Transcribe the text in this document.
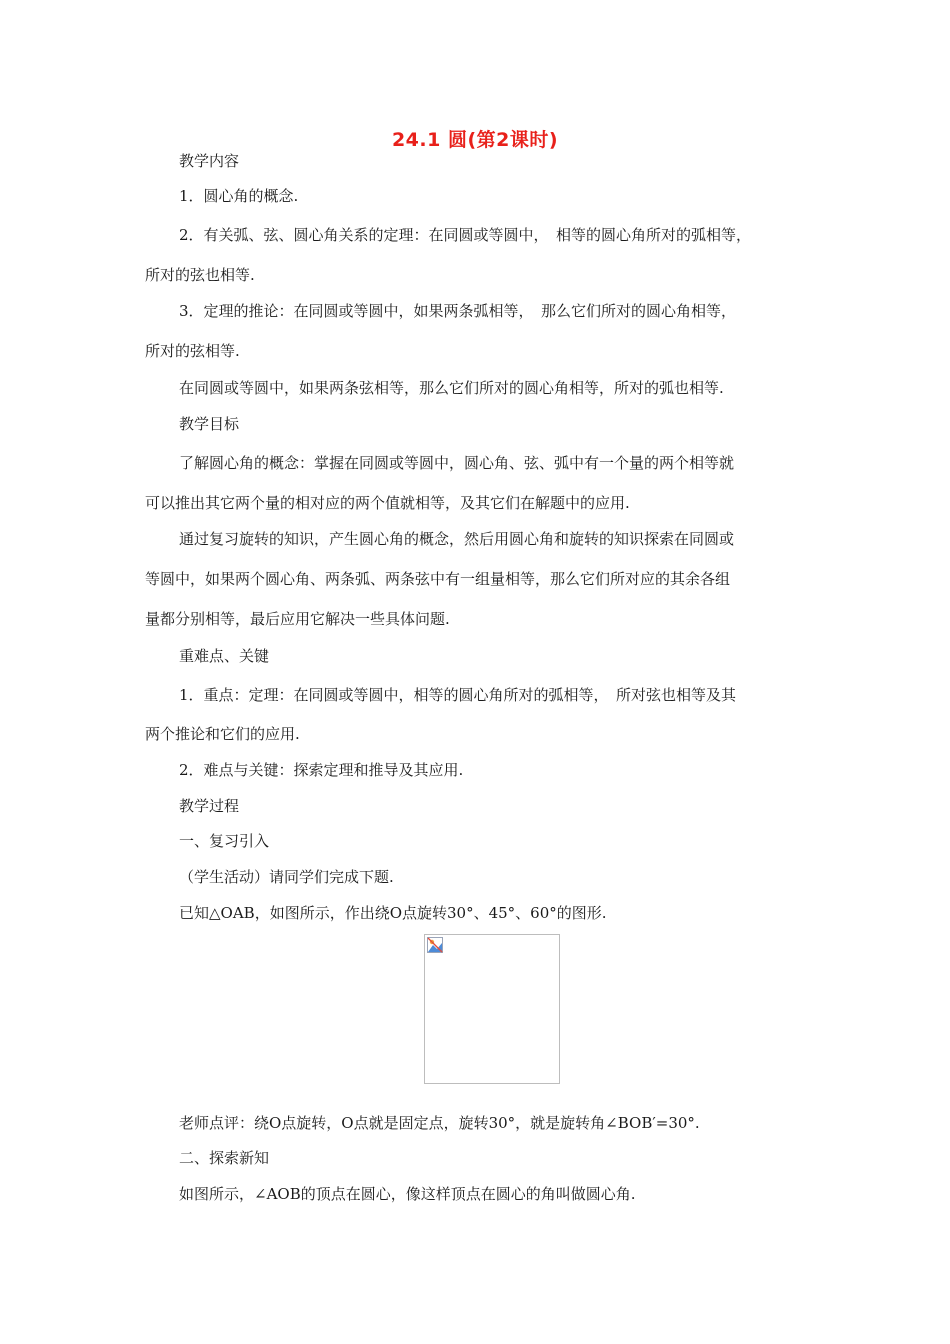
24.1 圆(第2课时)
教学内容
1．圆心角的概念.
2．有关弧、弦、圆心角关系的定理：在同圆或等圆中，　相等的圆心角所对的弧相等，
所对的弦也相等.
3．定理的推论：在同圆或等圆中，如果两条弧相等，　那么它们所对的圆心角相等，
所对的弦相等.
在同圆或等圆中，如果两条弦相等，那么它们所对的圆心角相等，所对的弧也相等.
教学目标
了解圆心角的概念：掌握在同圆或等圆中，圆心角、弦、弧中有一个量的两个相等就
可以推出其它两个量的相对应的两个值就相等，及其它们在解题中的应用.
通过复习旋转的知识，产生圆心角的概念，然后用圆心角和旋转的知识探索在同圆或
等圆中，如果两个圆心角、两条弧、两条弦中有一组量相等，那么它们所对应的其余各组
量都分别相等，最后应用它解决一些具体问题.
重难点、关键
1．重点：定理：在同圆或等圆中，相等的圆心角所对的弧相等，　所对弦也相等及其
两个推论和它们的应用.
2．难点与关键：探索定理和推导及其应用.
教学过程
一、复习引入
（学生活动）请同学们完成下题.
已知△OAB，如图所示，作出绕O点旋转30°、45°、60°的图形.
老师点评：绕O点旋转，O点就是固定点，旋转30°，就是旋转角∠BOB′=30°.
二、探索新知
如图所示，∠AOB的顶点在圆心，像这样顶点在圆心的角叫做圆心角.
